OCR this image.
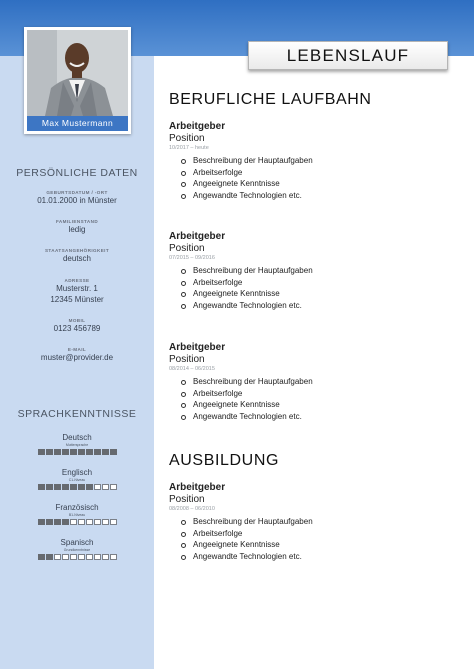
Max Mustermann
LEBENSLAUF
PERSÖNLICHE DATEN
GEBURTSDATUM / -ORT
01.01.2000 in Münster
FAMILIENSTAND
ledig
STAATSANGEHÖRIGKEIT
deutsch
ADRESSE
Musterstr. 1
12345 Münster
MOBIL
0123 456789
E-MAIL
muster@provider.de
SPRACHKENNTNISSE
Deutsch
Muttersprache
Englisch
C1-Niveau
Französisch
B1-Niveau
Spanisch
Grundkenntnisse
BERUFLICHE LAUFBAHN
Arbeitgeber
Position
10/2017 – heute
Beschreibung der Hauptaufgaben
Arbeitserfolge
Angeeignete Kenntnisse
Angewandte Technologien etc.
Arbeitgeber
Position
07/2015 – 09/2016
Beschreibung der Hauptaufgaben
Arbeitserfolge
Angeeignete Kenntnisse
Angewandte Technologien etc.
Arbeitgeber
Position
08/2014 – 06/2015
Beschreibung der Hauptaufgaben
Arbeitserfolge
Angeeignete Kenntnisse
Angewandte Technologien etc.
AUSBILDUNG
Arbeitgeber
Position
08/2008 – 06/2010
Beschreibung der Hauptaufgaben
Arbeitserfolge
Angeeignete Kenntnisse
Angewandte Technologien etc.
